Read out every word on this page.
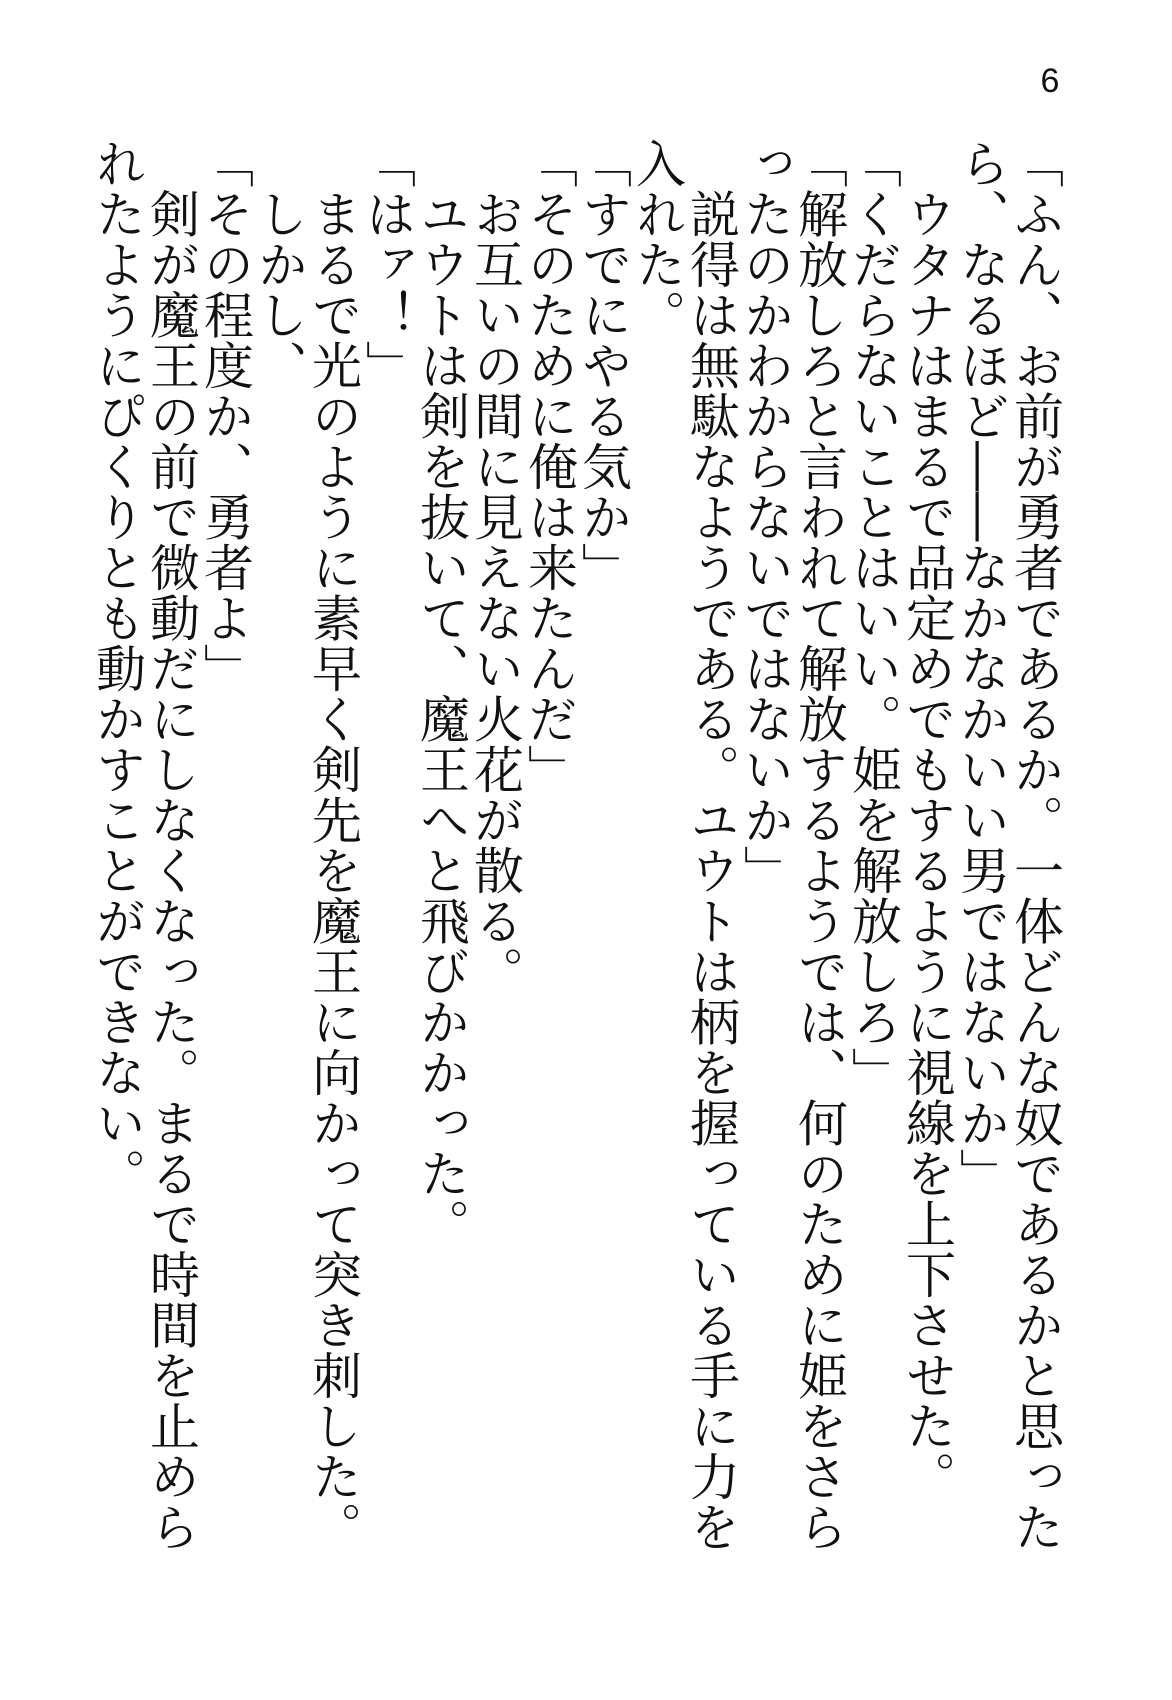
6

「ふん、お前が勇者であるか。一体どんな奴であるかと思ったら、なるほど――なかなかいい男ではないか」

　ウタナはまるで品定めでもするように視線を上下させた。

「くだらないことはいい。姫を解放しろ」

「解放しろと言われて解放するようでは、何のために姫をさらったのかわからないではないか」

　説得は無駄なようである。ユウトは柄を握っている手に力を入れた。

「すでにやる気か」

「そのために俺は来たんだ」

　お互いの間に見えない火花が散る。

　ユウトは剣を抜いて、魔王へと飛びかかった。

「はァ！」

　まるで光のように素早く剣先を魔王に向かって突き刺した。

　しかし、

「その程度か、勇者よ」

　剣が魔王の前で微動だにしなくなった。まるで時間を止められたようにぴくりとも動かすことができない。
